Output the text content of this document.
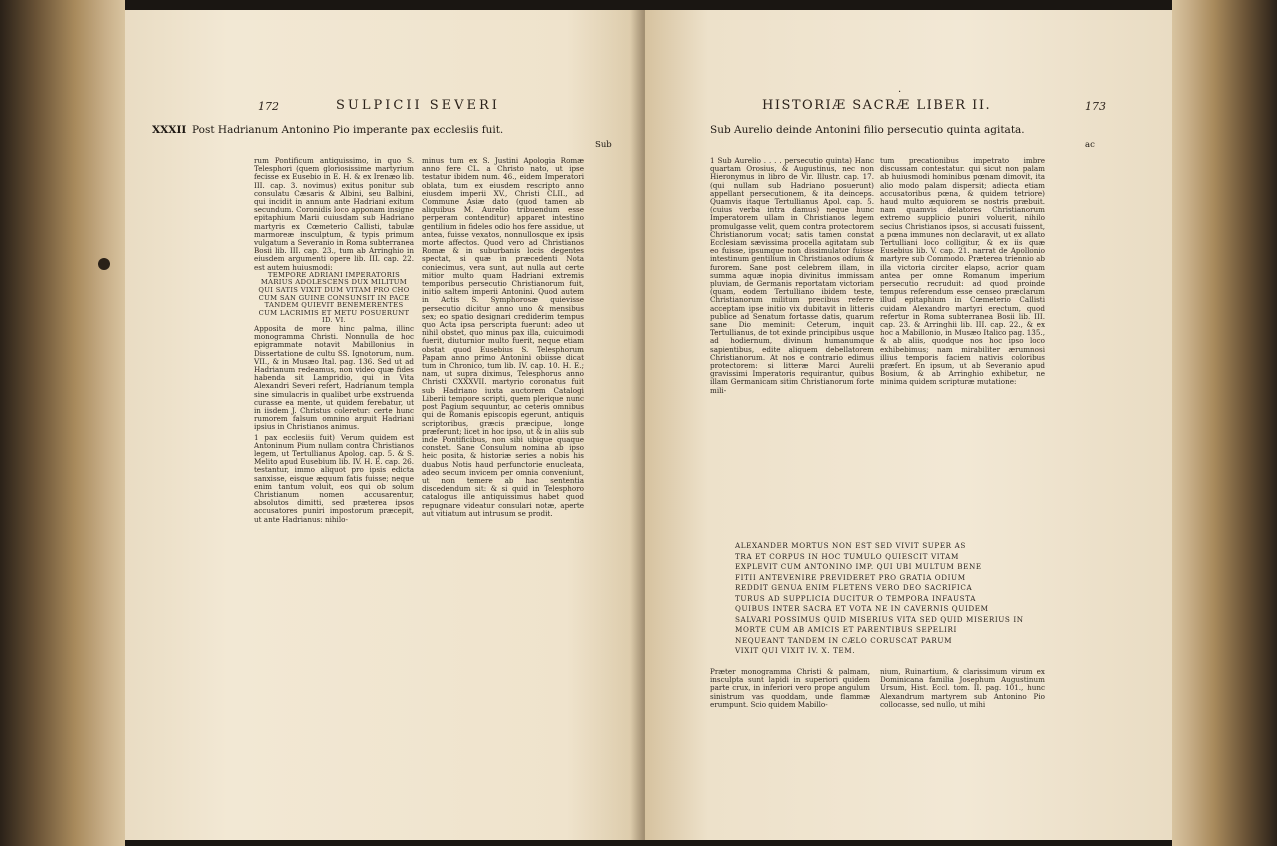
172	SULPICII SEVERI
XXXII Post Hadrianum Antonino Pio imperante pax ecclesiis fuit.
Sub

rum Pontificum antiquissimo, in quo S. Telesphori (quem gloriosissime martyrium fecisse ex Eusebio in E. H. & ex Irenæo lib. III. cap. 3. novimus) exitus ponitur sub consulatu Cæsaris & Albini, seu Balbini, qui incidit in annum ante Hadriani exitum secundum. Coronidis loco apponam insigne epitaphium Marii cuiusdam sub Hadriano martyris ex Cœmeterio Callisti, tabulæ marmoreæ insculptum, & typis primum vulgatum a Severanio in Roma subterranea Bosii lib. III. cap. 23., tum ab Arringhio in eiusdem argumenti opere lib. III. cap. 22. est autem huiusmodi:

TEMPORE ADRIANI IMPERATORIS MARIUS ADOLESCENS DUX MILITUM QUI SATIS VIXIT DUM VITAM PRO CHO CUM SAN GUINE CONSUNSIT IN PACE TANDEM QUIEVIT BENEMERENTES CUM LACRIMIS ET METU POSUERUNT ID. VI.

Apposita de more hinc palma, illinc monogramma Christi. Nonnulla de hoc epigrammate notavit Mabillonius in Dissertatione de cultu SS. Ignotorum, num. VII., & in Musæo Ital. pag. 136. Sed ut ad Hadrianum redeamus, non video quæ fides habenda sit Lampridio, qui in Vita Alexandri Severi refert, Hadrianum templa sine simulacris in qualibet urbe exstruenda curasse ea mente, ut quidem ferebatur, ut in iisdem J. Christus coleretur: certe hunc rumorem falsum omnino arguit Hadriani ipsius in Christianos animus.

1 pax ecclesiis fuit) Verum quidem est Antoninum Pium nullam contra Christianos legem, ut Tertullianus Apolog. cap. 5. & S. Melito apud Eusebium lib. IV. H. E. cap. 26. testantur, immo aliquot pro ipsis edicta sanxisse, eisque æquum fatis fuisse; neque enim tantum voluit, eos qui ob solum Christianum nomen accusarentur, absolutos dimitti, sed præterea ipsos accusatores puniri impostorum præcepit, ut ante Hadrianus: nihilo-

minus tum ex S. Justini Apologia Romæ anno fere CL. a Christo nato, ut ipse testatur ibidem num. 46., eidem Imperatori oblata, tum ex eiusdem rescripto anno eiusdem imperii XV., Christi CLII., ad Commune Asiæ dato (quod tamen ab aliquibus M. Aurelio tribuendum esse perperam contenditur) apparet intestino gentilium in fideles odio hos fere assidue, ut antea, fuisse vexatos, nonnullosque ex ipsis morte affectos. Quod vero ad Christianos Romæ & in suburbanis locis degentes spectat, si quæ in præcedenti Nota coniecimus, vera sunt, aut nulla aut certe mitior multo quam Hadriani extremis temporibus persecutio Christianorum fuit, initio saltem imperii Antonini. Quod autem in Actis S. Symphorosæ quievisse persecutio dicitur anno uno & mensibus sex; eo spatio designari crediderim tempus quo Acta ipsa perscripta fuerunt: adeo ut nihil obstet, quo minus pax illa, cuicuimodi fuerit, diuturnior multo fuerit, neque etiam obstat quod Eusebius S. Telesphorum Papam anno primo Antonini obiisse dicat tum in Chronico, tum lib. IV. cap. 10. H. E.; nam, ut supra diximus, Telesphorus anno Christi CXXXVII. martyrio coronatus fuit sub Hadriano iuxta auctorem Catalogi Liberii tempore scripti, quem plerique nunc post Pagium sequuntur, ac ceteris omnibus qui de Romanis episcopis egerunt, antiquis scriptoribus, græcis præcipue, longe præferunt; licet in hoc ipso, ut & in aliis sub inde Pontificibus, non sibi ubique quaque constet. Sane Consulum nomina ab ipso heic posita, & historiæ series a nobis his duabus Notis haud perfunctorie enucleata, adeo secum invicem per omnia conveniunt, ut non temere ab hac sententia discedendum sit: & si quid in Telesphoro catalogus ille antiquissimus habet quod repugnare videatur consulari notæ, aperte aut vitiatum aut intrusum se prodit.

·
HISTORIÆ SACRÆ LIBER II.	173
Sub Aurelio deinde Antonini filio persecutio quinta agitata.
ac

1 Sub Aurelio . . . . persecutio quinta) Hanc quartam Orosius, & Augustinus, nec non Hieronymus in libro de Vir. Illustr. cap. 17. (qui nullam sub Hadriano posuerunt) appellant persecutionem, & ita deinceps. Quamvis itaque Tertullianus Apol. cap. 5. (cuius verba intra damus) neque hunc Imperatorem ullam in Christianos legem promulgasse velit, quem contra protectorem Christianorum vocat; satis tamen constat Ecclesiam sævissima procella agitatam sub eo fuisse, ipsumque non dissimulator fuisse intestinum gentilium in Christianos odium & furorem. Sane post celebrem illam, in summa aquæ inopia divinitus immissam pluviam, de Germanis reportatam victoriam (quam, eodem Tertulliano ibidem teste, Christianorum militum precibus referre acceptam ipse initio vix dubitavit in litteris publice ad Senatum fortasse datis, quarum sane Dio meminit: Ceterum, inquit Tertullianus, de tot exinde principibus usque ad hodiernum, divinum humanumque sapientibus, edite aliquem debellatorem Christianorum. At nos e contrario edimus protectorem: si litteræ Marci Aurelii gravissimi Imperatoris requirantur, quibus illam Germanicam sitim Christianorum forte mili-

tum precationibus impetrato imbre discussam contestatur. qui sicut non palam ab huiusmodi hominibus pœnam dimovit, ita alio modo palam dispersit; adiecta etiam accusatoribus pœna, & quidem tetriore) haud multo æquiorem se nostris præbuit. nam quamvis delatores Christianorum extremo supplicio puniri voluerit, nihilo secius Christianos ipsos, si accusati fuissent, a pœna immunes non declaravit, ut ex allato Tertulliani loco colligitur, & ex iis quæ Eusebius lib. V. cap. 21. narrat de Apollonio martyre sub Commodo. Præterea triennio ab illa victoria circiter elapso, acrior quam antea per omne Romanum imperium persecutio recruduit: ad quod proinde tempus referendum esse censeo præclarum illud epitaphium in Cœmeterio Callisti cuidam Alexandro martyri erectum, quod refertur in Roma subterranea Bosii lib. III. cap. 23. & Arringhii lib. III. cap. 22., & ex hoc a Mabillonio, in Musæo Italico pag. 135., & ab aliis, quodque nos hoc ipso loco exhibebimus; nam mirabiliter ærumnosi illius temporis faciem nativis coloribus præfert. En ipsum, ut ab Severanio apud Bosium, & ab Arringhio exhibetur, ne minima quidem scripturæ mutatione:

ALEXANDER MORTUS NON EST SED VIVIT SUPER AS
TRA ET CORPUS IN HOC TUMULO QUIESCIT VITAM
EXPLEVIT CUM ANTONINO IMP. QUI UBI MULTUM BENE
FITII ANTEVENIRE PREVIDERET PRO GRATIA ODIUM
REDDIT GENUA ENIM FLETENS VERO DEO SACRIFICA
TURUS AD SUPPLICIA DUCITUR O TEMPORA INFAUSTA
QUIBUS INTER SACRA ET VOTA NE IN CAVERNIS QUIDEM
SALVARI POSSIMUS QUID MISERIUS VITA SED QUID MISERIUS IN
MORTE CUM AB AMICIS ET PARENTIBUS SEPELIRI
NEQUEANT TANDEM IN CÆLO CORUSCAT PARUM
VIXIT QUI VIXIT IV. X. TEM.

Præter monogramma Christi & palmam, insculpta sunt lapidi in superiori quidem parte crux, in inferiori vero prope angulum sinistrum vas quoddam, unde flammæ erumpunt. Scio quidem Mabillo-

nium, Ruinartium, & clarissimum virum ex Dominicana familia Josephum Augustinum Ursum, Hist. Eccl. tom. II. pag. 101., hunc Alexandrum martyrem sub Antonino Pio collocasse, sed nullo, ut mihi
